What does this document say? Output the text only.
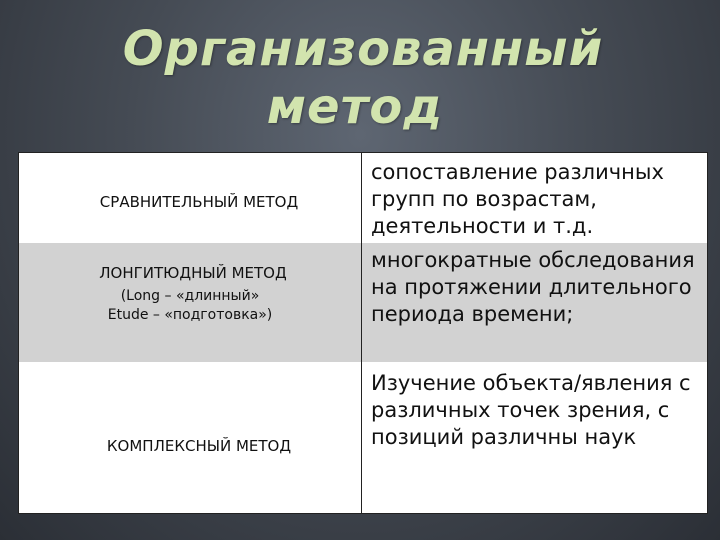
Организованный
метод
СРАВНИТЕЛЬНЫЙ МЕТОД
сопоставление различных групп по возрастам, деятельности и т.д.
ЛОНГИТЮДНЫЙ МЕТОД
(Long – «длинный»
Etude – «подготовка»)
многократные обследования на протяжении длительного периода времени;
КОМПЛЕКСНЫЙ МЕТОД
Изучение объекта/явления с различных точек зрения, с позиций различны наук
